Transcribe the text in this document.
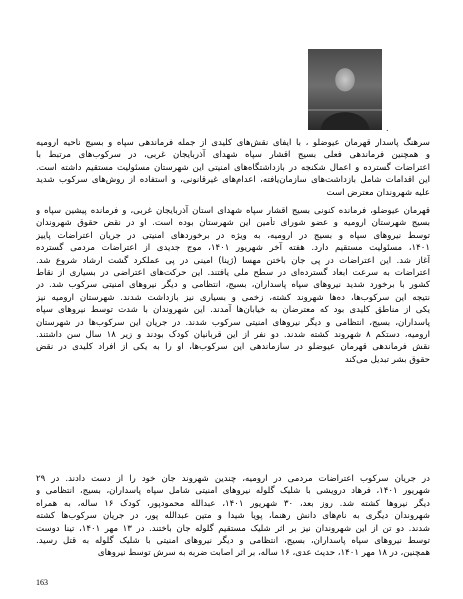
.
سرهنگ پاسدار قهرمان عیوضلو ، با ایفای نقش‌های کلیدی از جمله فرماندهی سپاه و بسیج ناحیه ارومیه
و همچنین فرماندهی فعلی بسیج اقشار سپاه شهدای آذربایجان غربی، در سرکوب‌های مرتبط با
اعتراضات گسترده و اعمال شکنجه در بازداشتگاه‌های امنیتی این شهرستان مسئولیت مستقیم داشته است.
این اقدامات شامل بازداشت‌های سازمان‌یافته، اعدام‌های غیرقانونی، و استفاده از روش‌های سرکوب شدید
علیه شهروندان معترض است
قهرمان عیوضلو، فرمانده کنونی بسیج اقشار سپاه شهدای استان آذربایجان غربی، و فرمانده پیشین سپاه و
بسیج شهرستان ارومیه و عضو شورای تأمین این شهرستان بوده است. او در نقض حقوق شهروندان
توسط نیروهای سپاه و بسیج در ارومیه، به ویژه در برخوردهای امنیتی در جریان اعتراضات پاییز
۱۴۰۱، مسئولیت مستقیم دارد. هفته آخر شهریور ۱۴۰۱، موج جدیدی از اعتراضات مردمی گسترده
آغاز شد. این اعتراضات در پی جان باختن مهسا (ژینا) امینی در پی عملکرد گشت ارشاد شروع شد.
اعتراضات به سرعت ابعاد گسترده‌ای در سطح ملی یافتند. این حرکت‌های اعتراضی در بسیاری از نقاط
کشور با برخورد شدید نیروهای سپاه پاسداران، بسیج، انتظامی و دیگر نیروهای امنیتی سرکوب شد. در
نتیجه این سرکوب‌ها، ده‌ها شهروند کشته، زخمی و بسیاری نیز بازداشت شدند. شهرستان ارومیه نیز
یکی از مناطق کلیدی بود که معترضان به خیابان‌ها آمدند. این شهروندان با شدت توسط نیروهای سپاه
پاسداران، بسیج، انتظامی و دیگر نیروهای امنیتی سرکوب شدند. در جریان این سرکوب‌ها در شهرستان
ارومیه، دستکم ۸ شهروند کشته شدند. دو نفر از این قربانیان کودک بودند و زیر ۱۸ سال سن داشتند.
نقش فرماندهی قهرمان عیوضلو در سازماندهی این سرکوب‌ها، او را به یکی از افراد کلیدی در نقض
حقوق بشر تبدیل می‌کند
در جریان سرکوب اعتراضات مردمی در ارومیه، چندین شهروند جان خود را از دست دادند. در ۲۹
شهریور ۱۴۰۱، فرهاد درویشی با شلیک گلوله نیروهای امنیتی شامل سپاه پاسداران، بسیج، انتظامی و
دیگر نیروها کشته شد. روز بعد، ۳۰ شهریور ۱۴۰۱، عبدالله محمودپور، کودک ۱۶ ساله، به همراه
شهروندان دیگری به نام‌های دانش رهنما، پویا شیدا و متین عبدالله پور، در جریان سرکوب‌ها کشته
شدند. دو تن از این شهروندان نیز بر اثر شلیک مستقیم گلوله جان باختند. در ۱۳ مهر ۱۴۰۱، تینا دوست
توسط نیروهای سپاه پاسداران، بسیج، انتظامی و دیگر نیروهای امنیتی با شلیک گلوله به قتل رسید.
همچنین، در ۱۸ مهر ۱۴۰۱، حدیث عدی، ۱۶ ساله، بر اثر اصابت ضربه به سرش توسط نیروهای
163
